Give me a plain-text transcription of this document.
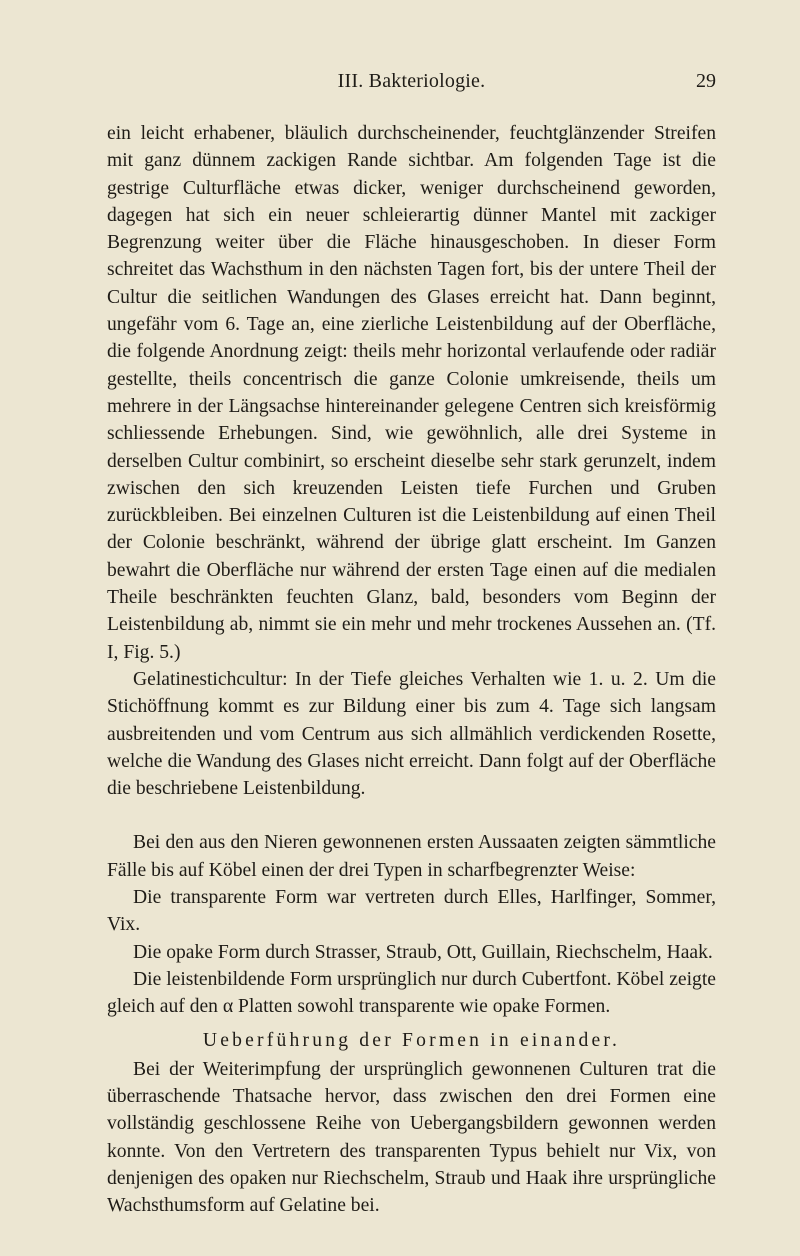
III. Bakteriologie.	29

ein leicht erhabener, bläulich durchscheinender, feuchtglänzender Streifen mit ganz dünnem zackigen Rande sichtbar. Am folgenden Tage ist die gestrige Culturfläche etwas dicker, weniger durchscheinend geworden, dagegen hat sich ein neuer schleierartig dünner Mantel mit zackiger Begrenzung weiter über die Fläche hinausgeschoben. In dieser Form schreitet das Wachsthum in den nächsten Tagen fort, bis der untere Theil der Cultur die seitlichen Wandungen des Glases erreicht hat. Dann beginnt, ungefähr vom 6. Tage an, eine zierliche Leistenbildung auf der Oberfläche, die folgende Anordnung zeigt: theils mehr horizontal verlaufende oder radiär gestellte, theils concentrisch die ganze Colonie umkreisende, theils um mehrere in der Längsachse hintereinander gelegene Centren sich kreisförmig schliessende Erhebungen. Sind, wie gewöhnlich, alle drei Systeme in derselben Cultur combinirt, so erscheint dieselbe sehr stark gerunzelt, indem zwischen den sich kreuzenden Leisten tiefe Furchen und Gruben zurückbleiben. Bei einzelnen Culturen ist die Leistenbildung auf einen Theil der Colonie beschränkt, während der übrige glatt erscheint. Im Ganzen bewahrt die Oberfläche nur während der ersten Tage einen auf die medialen Theile beschränkten feuchten Glanz, bald, besonders vom Beginn der Leistenbildung ab, nimmt sie ein mehr und mehr trockenes Aussehen an. (Tf. I, Fig. 5.)

Gelatinestichcultur: In der Tiefe gleiches Verhalten wie 1. u. 2. Um die Stichöffnung kommt es zur Bildung einer bis zum 4. Tage sich langsam ausbreitenden und vom Centrum aus sich allmählich verdickenden Rosette, welche die Wandung des Glases nicht erreicht. Dann folgt auf der Oberfläche die beschriebene Leistenbildung.

Bei den aus den Nieren gewonnenen ersten Aussaaten zeigten sämmtliche Fälle bis auf Köbel einen der drei Typen in scharfbegrenzter Weise:

Die transparente Form war vertreten durch Elles, Harlfinger, Sommer, Vix.

Die opake Form durch Strasser, Straub, Ott, Guillain, Riechschelm, Haak.

Die leistenbildende Form ursprünglich nur durch Cubertfont. Köbel zeigte gleich auf den α Platten sowohl transparente wie opake Formen.

Ueberführung der Formen in einander.

Bei der Weiterimpfung der ursprünglich gewonnenen Culturen trat die überraschende Thatsache hervor, dass zwischen den drei Formen eine vollständig geschlossene Reihe von Uebergangsbildern gewonnen werden konnte. Von den Vertretern des transparenten Typus behielt nur Vix, von denjenigen des opaken nur Riechschelm, Straub und Haak ihre ursprüngliche Wachsthumsform auf Gelatine bei.
